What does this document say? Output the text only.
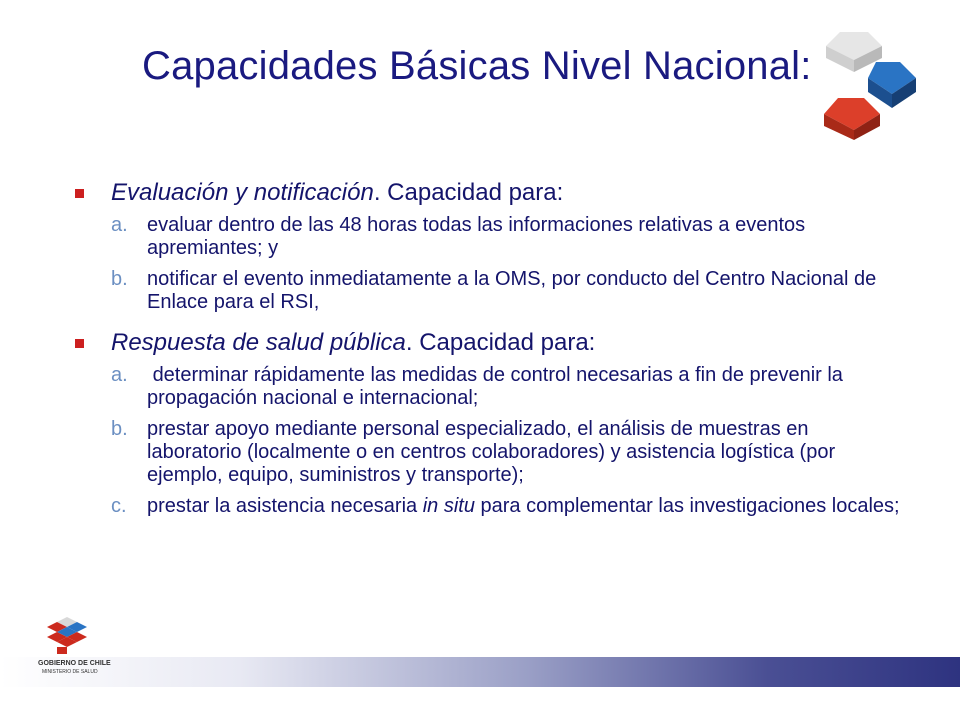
Capacidades Básicas Nivel Nacional:
Evaluación y notificación. Capacidad para:
a. evaluar dentro de las 48 horas todas las informaciones relativas a eventos apremiantes; y
b. notificar el evento inmediatamente a la OMS, por conducto del Centro Nacional de Enlace para el RSI,
Respuesta de salud pública. Capacidad para:
a. determinar rápidamente las medidas de control necesarias a fin de prevenir la propagación nacional e internacional;
b. prestar apoyo mediante personal especializado, el análisis de muestras en laboratorio (localmente o en centros colaboradores) y asistencia logística (por ejemplo, equipo, suministros y transporte);
c. prestar la asistencia necesaria in situ para complementar las investigaciones locales;
GOBIERNO DE CHILE
MINISTERIO DE SALUD
